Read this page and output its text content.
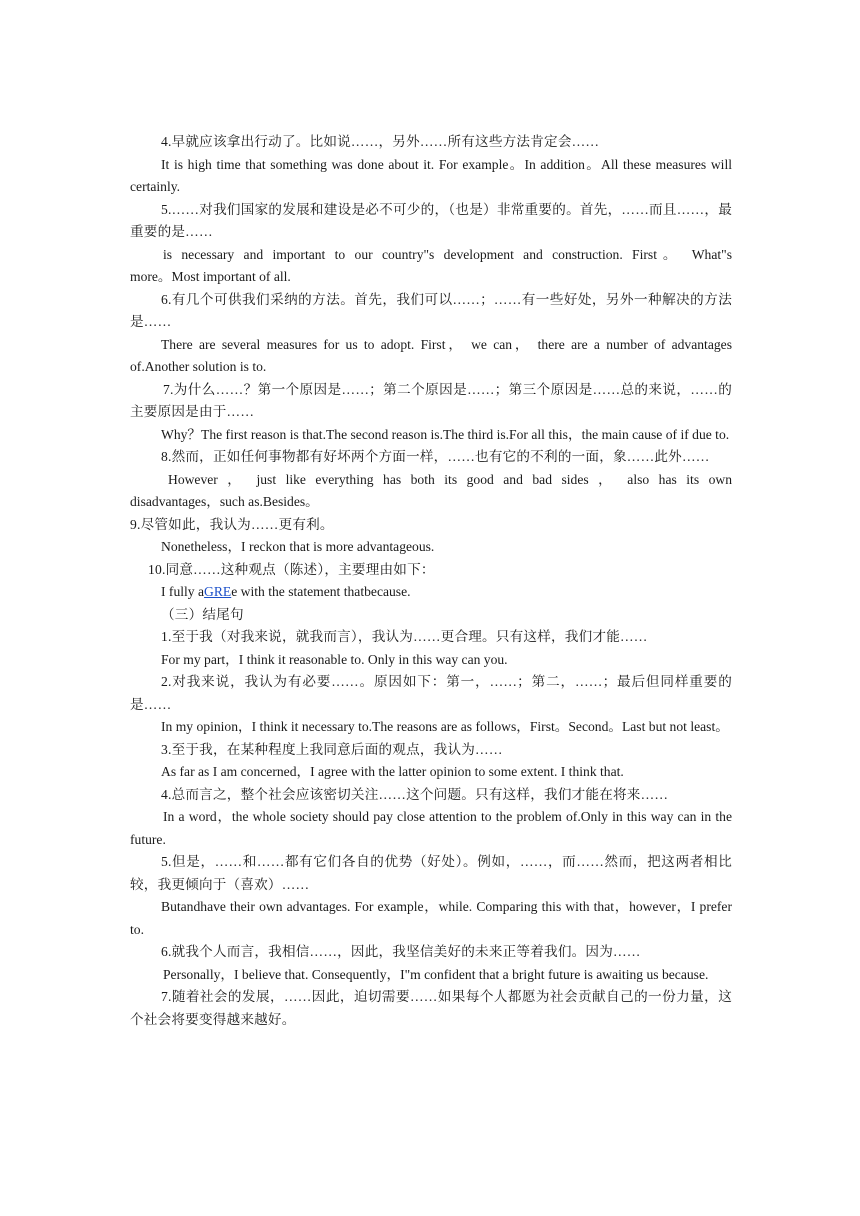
4.早就应该拿出行动了。比如说……，另外……所有这些方法肯定会……

It is high time that something was done about it. For example。In addition。All these measures will certainly.

5.……对我们国家的发展和建设是必不可少的，（也是）非常重要的。首先，……而且……，最重要的是……

is necessary and important to our country"s development and construction. First。 What"s

more。Most important of all.

6.有几个可供我们采纳的方法。首先，我们可以……；……有一些好处，另外一种解决的方法是……

There are several measures for us to adopt. First， we can， there are a number of advantages of.Another solution is to.

7.为什么……？第一个原因是……；第二个原因是……；第三个原因是……总的来说，……的主要原因是由于……

Why？The first reason is that.The second reason is.The third is.For all this，the main cause of if due to.

8.然而，正如任何事物都有好坏两个方面一样，……也有它的不利的一面，象……此外……

However ， just like everything has both its good and bad sides ， also has its own

disadvantages，such as.Besides。

9.尽管如此，我认为……更有利。

Nonetheless，I reckon that is more advantageous.

10.同意……这种观点（陈述），主要理由如下：

I fully aGREe with the statement thatbecause.

（三）结尾句

1.至于我（对我来说，就我而言），我认为……更合理。只有这样，我们才能……

For my part，I think it reasonable to. Only in this way can you.

2.对我来说，我认为有必要……。原因如下：第一，……；第二，……；最后但同样重要的是……

In my opinion，I think it necessary to.The reasons are as follows，First。Second。Last but not least。

3.至于我，在某种程度上我同意后面的观点，我认为……

As far as I am concerned，I agree with the latter opinion to some extent. I think that.

4.总而言之，整个社会应该密切关注……这个问题。只有这样，我们才能在将来……

In a word，the whole society should pay close attention to the problem of.Only in this way can in the future.

5.但是，……和……都有它们各自的优势（好处）。例如，……，而……然而，把这两者相比较，我更倾向于（喜欢）……

Butandhave their own advantages. For example，while. Comparing this with that，however，I prefer to.

6.就我个人而言，我相信……，因此，我坚信美好的未来正等着我们。因为……

Personally，I believe that. Consequently，I"m confident that a bright future is awaiting us because.

7.随着社会的发展，……因此，迫切需要……如果每个人都愿为社会贡献自己的一份力量，这个社会将要变得越来越好。
